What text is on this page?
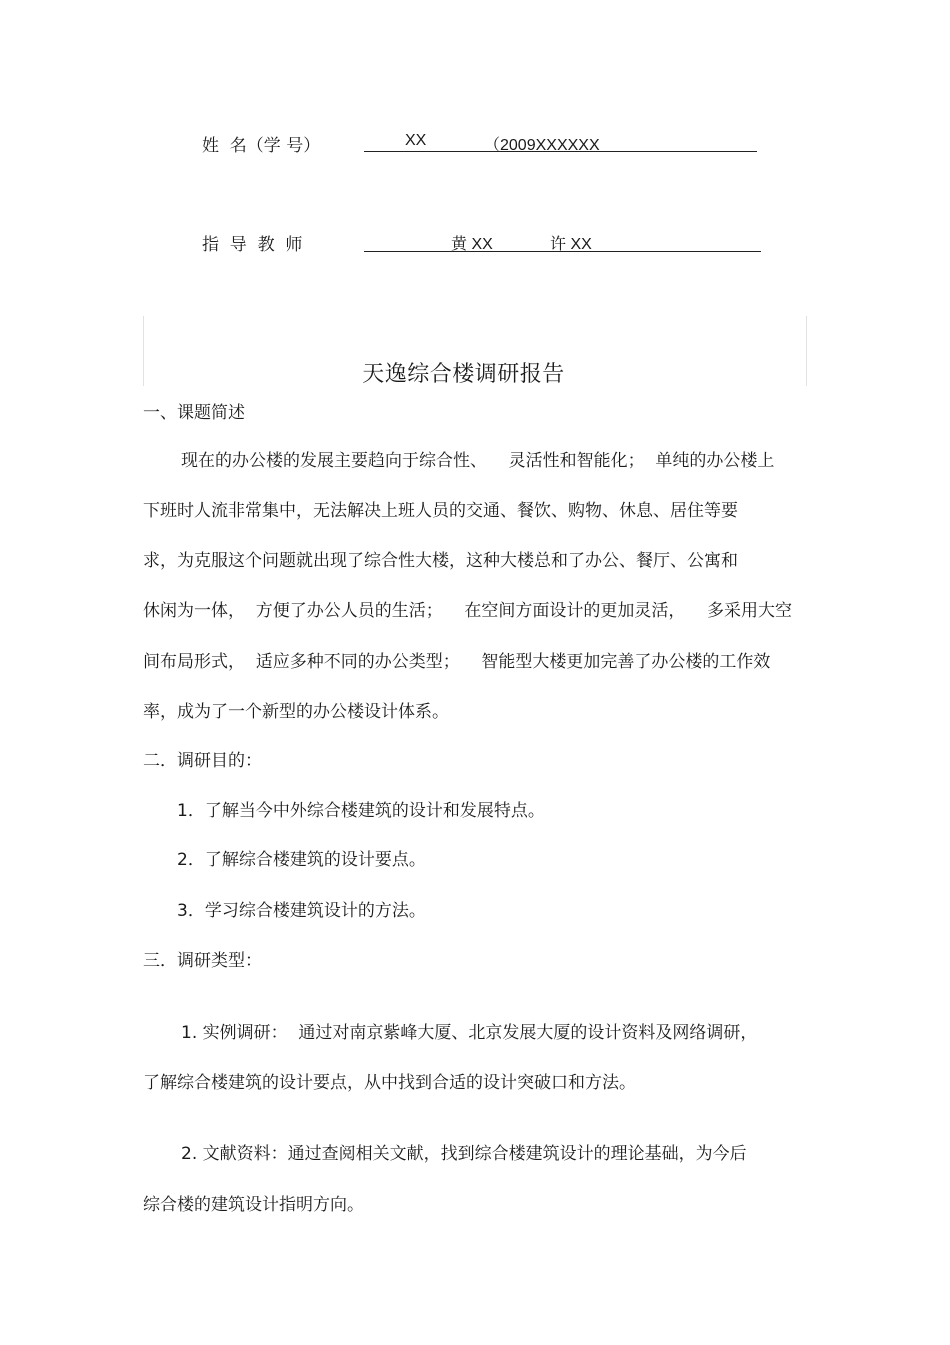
姓  名（学 号）	XX	（2009XXXXXX
指  导  教  师	黄 XX	许 XX
天逸综合楼调研报告
一、课题简述
现在的办公楼的发展主要趋向于综合性、    灵活性和智能化；  单纯的办公楼上
下班时人流非常集中，无法解决上班人员的交通、餐饮、购物、休息、居住等要
求，为克服这个问题就出现了综合性大楼，这种大楼总和了办公、餐厅、公寓和
休闲为一体，  方便了办公人员的生活；    在空间方面设计的更加灵活，    多采用大空
间布局形式，  适应多种不同的办公类型；    智能型大楼更加完善了办公楼的工作效
率，成为了一个新型的办公楼设计体系。
二．调研目的：
1．了解当今中外综合楼建筑的设计和发展特点。
2．了解综合楼建筑的设计要点。
3．学习综合楼建筑设计的方法。
三．调研类型：
1. 实例调研：  通过对南京紫峰大厦、北京发展大厦的设计资料及网络调研，
了解综合楼建筑的设计要点，从中找到合适的设计突破口和方法。
2. 文献资料：通过查阅相关文献，找到综合楼建筑设计的理论基础，为今后
综合楼的建筑设计指明方向。
